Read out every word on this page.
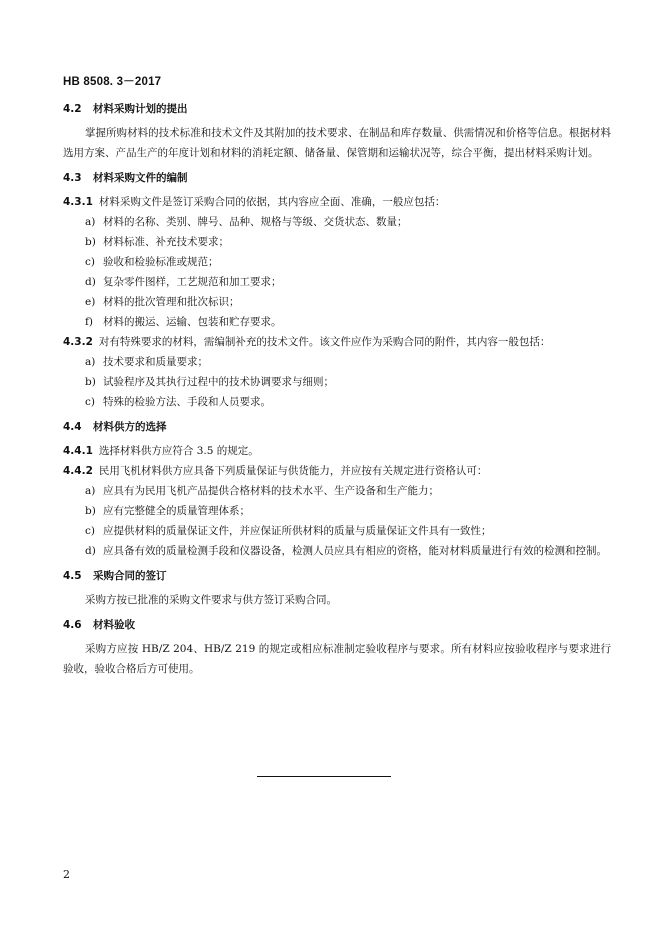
HB 8508. 3－2017
4.2 材料采购计划的提出

掌握所购材料的技术标准和技术文件及其附加的技术要求、在制品和库存数量、供需情况和价格等信息。根据材料选用方案、产品生产的年度计划和材料的消耗定额、储备量、保管期和运输状况等，综合平衡，提出材料采购计划。

4.3 材料采购文件的编制

4.3.1 材料采购文件是签订采购合同的依据，其内容应全面、准确，一般应包括：

a) 材料的名称、类别、牌号、品种、规格与等级、交货状态、数量；

b) 材料标准、补充技术要求；

c) 验收和检验标准或规范；

d) 复杂零件图样，工艺规范和加工要求；

e) 材料的批次管理和批次标识；

f) 材料的搬运、运输、包装和贮存要求。

4.3.2 对有特殊要求的材料，需编制补充的技术文件。该文件应作为采购合同的附件，其内容一般包括：

a) 技术要求和质量要求；

b) 试验程序及其执行过程中的技术协调要求与细则；

c) 特殊的检验方法、手段和人员要求。

4.4 材料供方的选择

4.4.1 选择材料供方应符合 3.5 的规定。

4.4.2 民用飞机材料供方应具备下列质量保证与供货能力，并应按有关规定进行资格认可：

a) 应具有为民用飞机产品提供合格材料的技术水平、生产设备和生产能力；

b) 应有完整健全的质量管理体系；

c) 应提供材料的质量保证文件，并应保证所供材料的质量与质量保证文件具有一致性；

d) 应具备有效的质量检测手段和仪器设备，检测人员应具有相应的资格，能对材料质量进行有效的检测和控制。

4.5 采购合同的签订

采购方按已批准的采购文件要求与供方签订采购合同。

4.6 材料验收

采购方应按 HB/Z 204、HB/Z 219 的规定或相应标准制定验收程序与要求。所有材料应按验收程序与要求进行验收，验收合格后方可使用。

2
